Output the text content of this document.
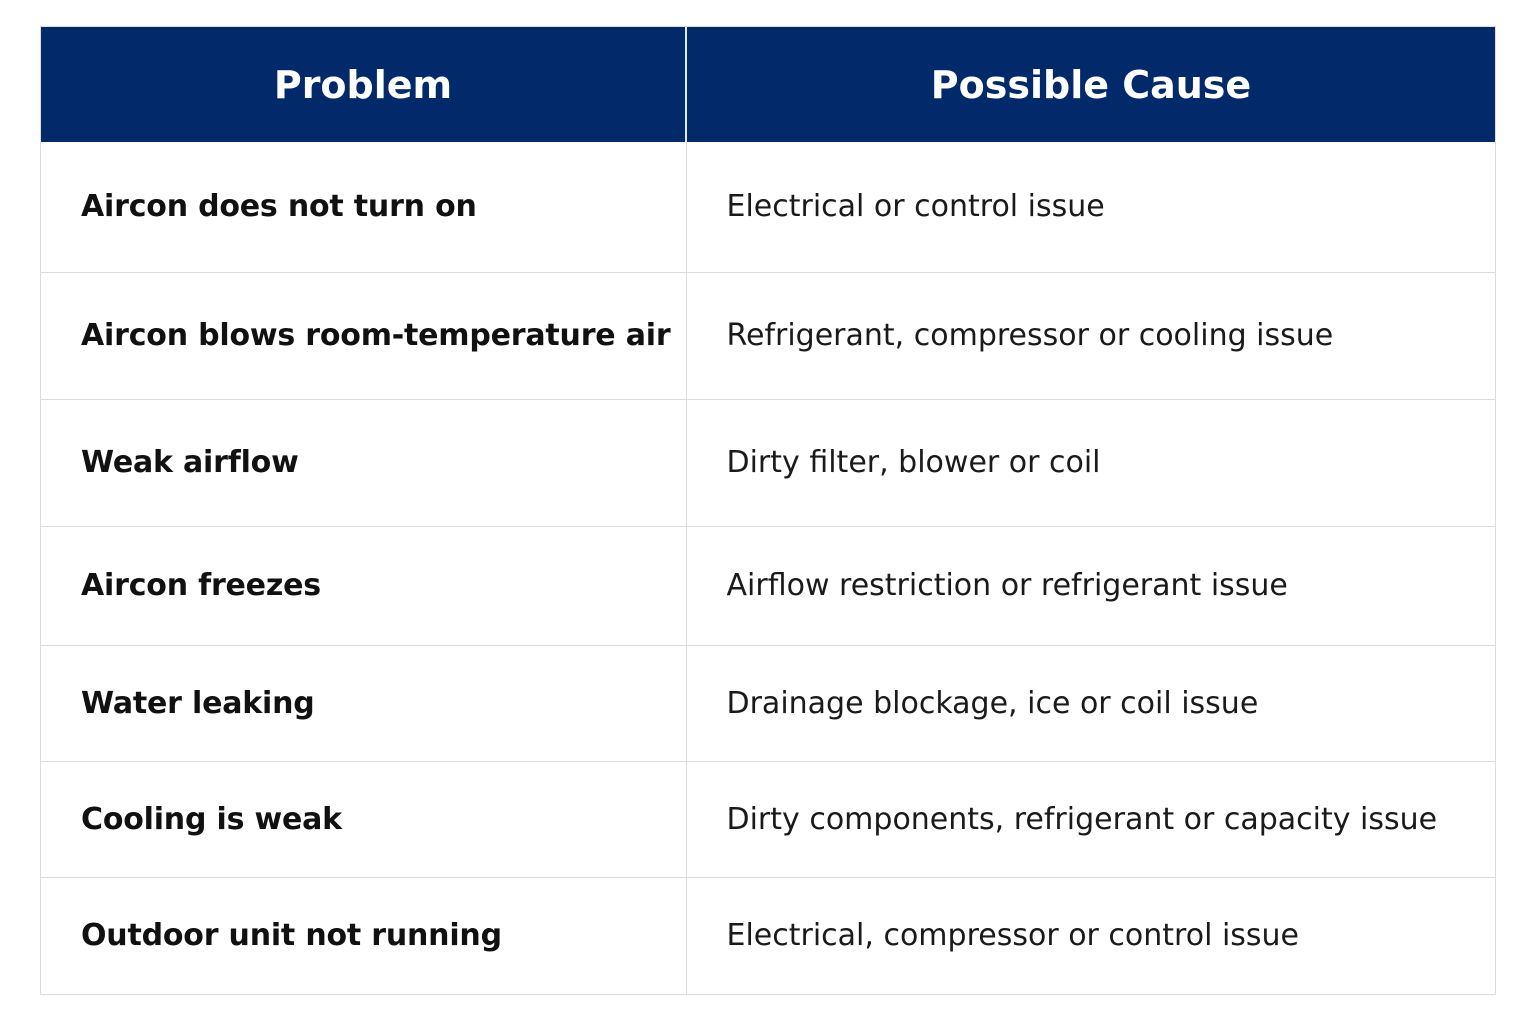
Problem	Possible Cause
Aircon does not turn on	Electrical or control issue
Aircon blows room-temperature air	Refrigerant, compressor or cooling issue
Weak airflow	Dirty filter, blower or coil
Aircon freezes	Airflow restriction or refrigerant issue
Water leaking	Drainage blockage, ice or coil issue
Cooling is weak	Dirty components, refrigerant or capacity issue
Outdoor unit not running	Electrical, compressor or control issue
